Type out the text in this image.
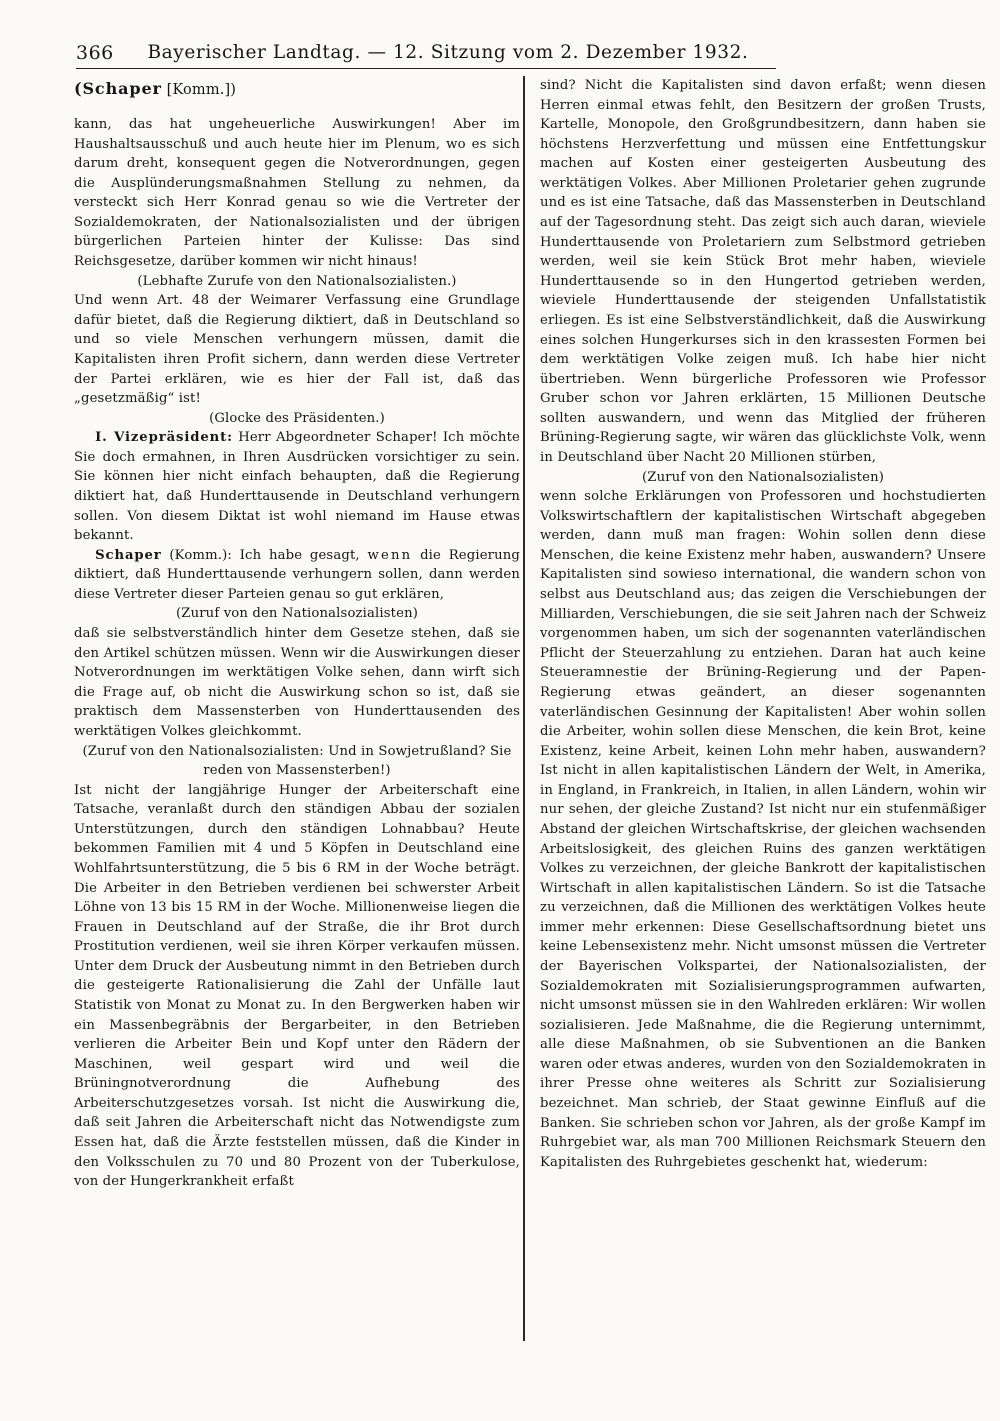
366	Bayerischer Landtag. — 12. Sitzung vom 2. Dezember 1932.

(Schaper [Komm.])

kann, das hat ungeheuerliche Auswirkungen! Aber im Haushaltsausschuß und auch heute hier im Plenum, wo es sich darum dreht, konsequent gegen die Notverordnungen, gegen die Ausplünderungsmaßnahmen Stellung zu nehmen, da versteckt sich Herr Konrad genau so wie die Vertreter der Sozialdemokraten, der Nationalsozialisten und der übrigen bürgerlichen Parteien hinter der Kulisse: Das sind Reichsgesetze, darüber kommen wir nicht hinaus!

(Lebhafte Zurufe von den Nationalsozialisten.)

Und wenn Art. 48 der Weimarer Verfassung eine Grundlage dafür bietet, daß die Regierung diktiert, daß in Deutschland so und so viele Menschen verhungern müssen, damit die Kapitalisten ihren Profit sichern, dann werden diese Vertreter der Partei erklären, wie es hier der Fall ist, daß das „gesetzmäßig“ ist!

(Glocke des Präsidenten.)

I. Vizepräsident: Herr Abgeordneter Schaper! Ich möchte Sie doch ermahnen, in Ihren Ausdrücken vorsichtiger zu sein. Sie können hier nicht einfach behaupten, daß die Regierung diktiert hat, daß Hunderttausende in Deutschland verhungern sollen. Von diesem Diktat ist wohl niemand im Hause etwas bekannt.

Schaper (Komm.): Ich habe gesagt, wenn die Regierung diktiert, daß Hunderttausende verhungern sollen, dann werden diese Vertreter dieser Parteien genau so gut erklären,

(Zuruf von den Nationalsozialisten)

daß sie selbstverständlich hinter dem Gesetze stehen, daß sie den Artikel schützen müssen. Wenn wir die Auswirkungen dieser Notverordnungen im werktätigen Volke sehen, dann wirft sich die Frage auf, ob nicht die Auswirkung schon so ist, daß sie praktisch dem Massensterben von Hunderttausenden des werktätigen Volkes gleichkommt.

(Zuruf von den Nationalsozialisten: Und in Sowjetrußland? Sie reden von Massensterben!)

Ist nicht der langjährige Hunger der Arbeiterschaft eine Tatsache, veranlaßt durch den ständigen Abbau der sozialen Unterstützungen, durch den ständigen Lohnabbau? Heute bekommen Familien mit 4 und 5 Köpfen in Deutschland eine Wohlfahrtsunterstützung, die 5 bis 6 RM in der Woche beträgt. Die Arbeiter in den Betrieben verdienen bei schwerster Arbeit Löhne von 13 bis 15 RM in der Woche. Millionenweise liegen die Frauen in Deutschland auf der Straße, die ihr Brot durch Prostitution verdienen, weil sie ihren Körper verkaufen müssen. Unter dem Druck der Ausbeutung nimmt in den Betrieben durch die gesteigerte Rationalisierung die Zahl der Unfälle laut Statistik von Monat zu Monat zu. In den Bergwerken haben wir ein Massenbegräbnis der Bergarbeiter, in den Betrieben verlieren die Arbeiter Bein und Kopf unter den Rädern der Maschinen, weil gespart wird und weil die Brüningnotverordnung die Aufhebung des Arbeiterschutzgesetzes vorsah. Ist nicht die Auswirkung die, daß seit Jahren die Arbeiterschaft nicht das Notwendigste zum Essen hat, daß die Ärzte feststellen müssen, daß die Kinder in den Volksschulen zu 70 und 80 Prozent von der Tuberkulose, von der Hungerkrankheit erfaßt

sind? Nicht die Kapitalisten sind davon erfaßt; wenn diesen Herren einmal etwas fehlt, den Besitzern der großen Trusts, Kartelle, Monopole, den Großgrundbesitzern, dann haben sie höchstens Herzverfettung und müssen eine Entfettungskur machen auf Kosten einer gesteigerten Ausbeutung des werktätigen Volkes. Aber Millionen Proletarier gehen zugrunde und es ist eine Tatsache, daß das Massensterben in Deutschland auf der Tagesordnung steht. Das zeigt sich auch daran, wieviele Hunderttausende von Proletariern zum Selbstmord getrieben werden, weil sie kein Stück Brot mehr haben, wieviele Hunderttausende so in den Hungertod getrieben werden, wieviele Hunderttausende der steigenden Unfallstatistik erliegen. Es ist eine Selbstverständlichkeit, daß die Auswirkung eines solchen Hungerkurses sich in den krassesten Formen bei dem werktätigen Volke zeigen muß. Ich habe hier nicht übertrieben. Wenn bürgerliche Professoren wie Professor Gruber schon vor Jahren erklärten, 15 Millionen Deutsche sollten auswandern, und wenn das Mitglied der früheren Brüning-Regierung sagte, wir wären das glücklichste Volk, wenn in Deutschland über Nacht 20 Millionen stürben,

(Zuruf von den Nationalsozialisten)

wenn solche Erklärungen von Professoren und hochstudierten Volkswirtschaftlern der kapitalistischen Wirtschaft abgegeben werden, dann muß man fragen: Wohin sollen denn diese Menschen, die keine Existenz mehr haben, auswandern? Unsere Kapitalisten sind sowieso international, die wandern schon von selbst aus Deutschland aus; das zeigen die Verschiebungen der Milliarden, Verschiebungen, die sie seit Jahren nach der Schweiz vorgenommen haben, um sich der sogenannten vaterländischen Pflicht der Steuerzahlung zu entziehen. Daran hat auch keine Steueramnestie der Brüning-Regierung und der Papen-Regierung etwas geändert, an dieser sogenannten vaterländischen Gesinnung der Kapitalisten! Aber wohin sollen die Arbeiter, wohin sollen diese Menschen, die kein Brot, keine Existenz, keine Arbeit, keinen Lohn mehr haben, auswandern? Ist nicht in allen kapitalistischen Ländern der Welt, in Amerika, in England, in Frankreich, in Italien, in allen Ländern, wohin wir nur sehen, der gleiche Zustand? Ist nicht nur ein stufenmäßiger Abstand der gleichen Wirtschaftskrise, der gleichen wachsenden Arbeitslosigkeit, des gleichen Ruins des ganzen werktätigen Volkes zu verzeichnen, der gleiche Bankrott der kapitalistischen Wirtschaft in allen kapitalistischen Ländern. So ist die Tatsache zu verzeichnen, daß die Millionen des werktätigen Volkes heute immer mehr erkennen: Diese Gesellschaftsordnung bietet uns keine Lebensexistenz mehr. Nicht umsonst müssen die Vertreter der Bayerischen Volkspartei, der Nationalsozialisten, der Sozialdemokraten mit Sozialisierungsprogrammen aufwarten, nicht umsonst müssen sie in den Wahlreden erklären: Wir wollen sozialisieren. Jede Maßnahme, die die Regierung unternimmt, alle diese Maßnahmen, ob sie Subventionen an die Banken waren oder etwas anderes, wurden von den Sozialdemokraten in ihrer Presse ohne weiteres als Schritt zur Sozialisierung bezeichnet. Man schrieb, der Staat gewinne Einfluß auf die Banken. Sie schrieben schon vor Jahren, als der große Kampf im Ruhrgebiet war, als man 700 Millionen Reichsmark Steuern den Kapitalisten des Ruhrgebietes geschenkt hat, wiederum:
